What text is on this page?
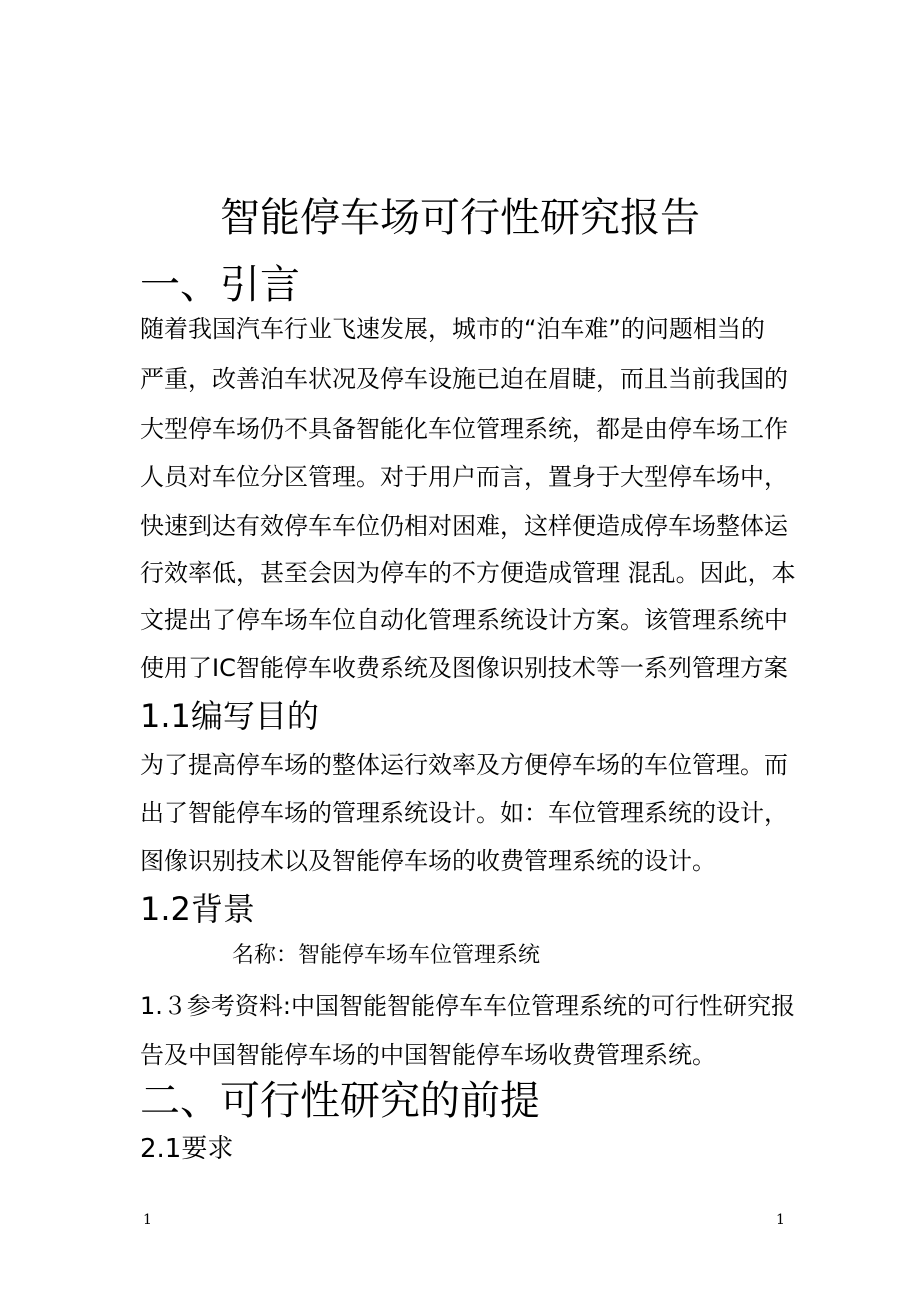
智能停车场可行性研究报告
一、引言
随着我国汽车行业飞速发展，城市的“泊车难”的问题相当的
严重，改善泊车状况及停车设施已迫在眉睫，而且当前我国的
大型停车场仍不具备智能化车位管理系统，都是由停车场工作
人员对车位分区管理。对于用户而言，置身于大型停车场中，
快速到达有效停车车位仍相对困难，这样便造成停车场整体运
行效率低，甚至会因为停车的不方便造成管理 混乱。因此，本
文提出了停车场车位自动化管理系统设计方案。该管理系统中
使用了IC智能停车收费系统及图像识别技术等一系列管理方案
1.1编写目的
为了提高停车场的整体运行效率及方便停车场的车位管理。而
出了智能停车场的管理系统设计。如：车位管理系统的设计，
图像识别技术以及智能停车场的收费管理系统的设计。
1.2背景
名称：智能停车场车位管理系统
1.３参考资料:中国智能智能停车车位管理系统的可行性研究报
告及中国智能停车场的中国智能停车场收费管理系统。
二、可行性研究的前提
2.1要求
1	1
